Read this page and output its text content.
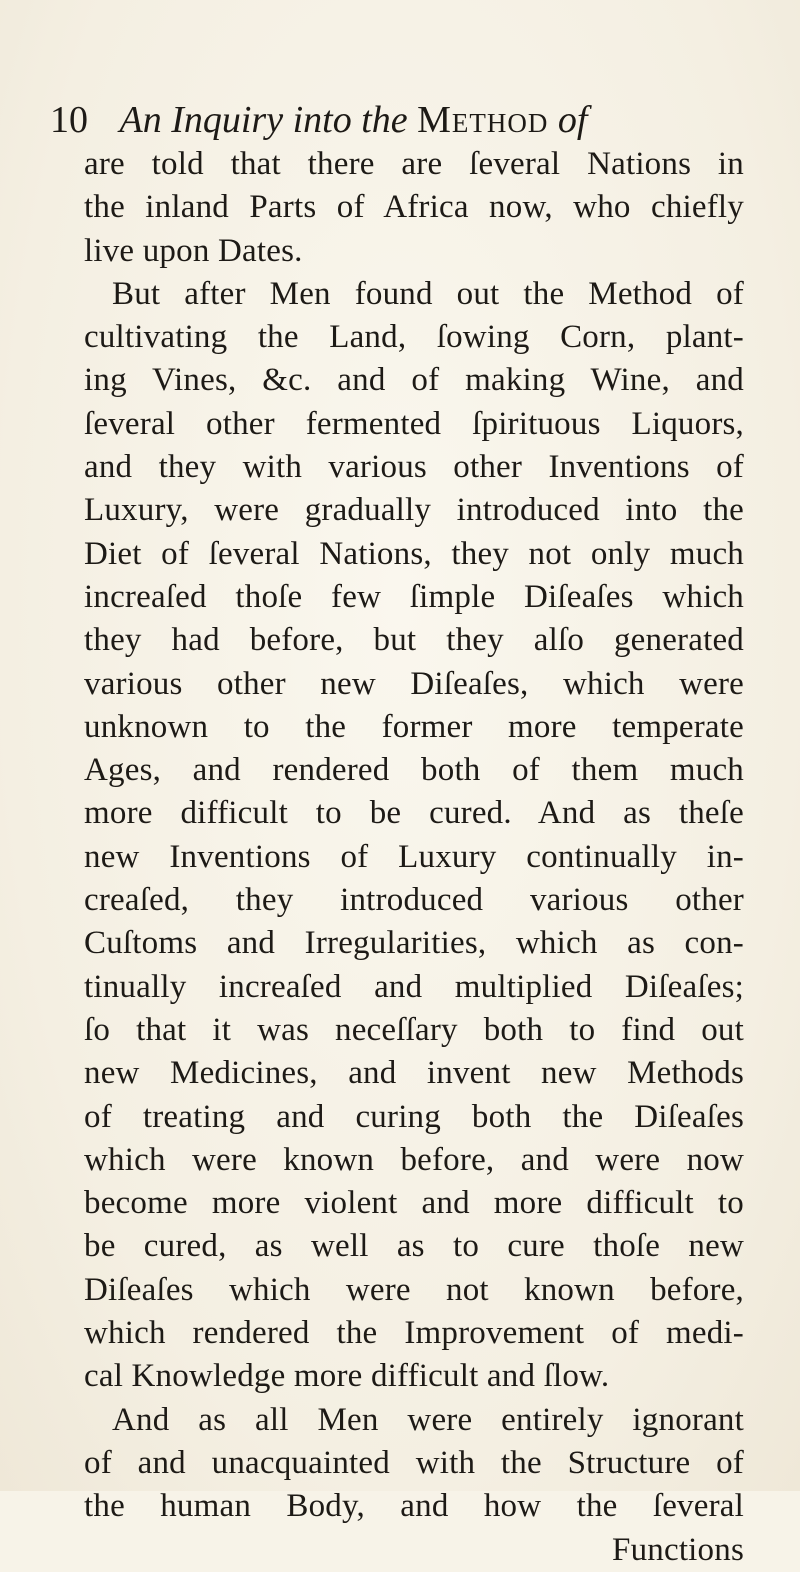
10 An Inquiry into the Method of
are told that there are ſeveral Nations in
the inland Parts of Africa now, who chiefly
live upon Dates.
But after Men found out the Method of
cultivating the Land, ſowing Corn, plant-
ing Vines, &c. and of making Wine, and
ſeveral other fermented ſpirituous Liquors,
and they with various other Inventions of
Luxury, were gradually introduced into the
Diet of ſeveral Nations, they not only much
increaſed thoſe few ſimple Diſeaſes which
they had before, but they alſo generated
various other new Diſeaſes, which were
unknown to the former more temperate
Ages, and rendered both of them much
more difficult to be cured. And as theſe
new Inventions of Luxury continually in-
creaſed, they introduced various other
Cuſtoms and Irregularities, which as con-
tinually increaſed and multiplied Diſeaſes;
ſo that it was neceſſary both to find out
new Medicines, and invent new Methods
of treating and curing both the Diſeaſes
which were known before, and were now
become more violent and more difficult to
be cured, as well as to cure thoſe new
Diſeaſes which were not known before,
which rendered the Improvement of medi-
cal Knowledge more difficult and ſlow.
And as all Men were entirely ignorant
of and unacquainted with the Structure of
the human Body, and how the ſeveral
Functions
